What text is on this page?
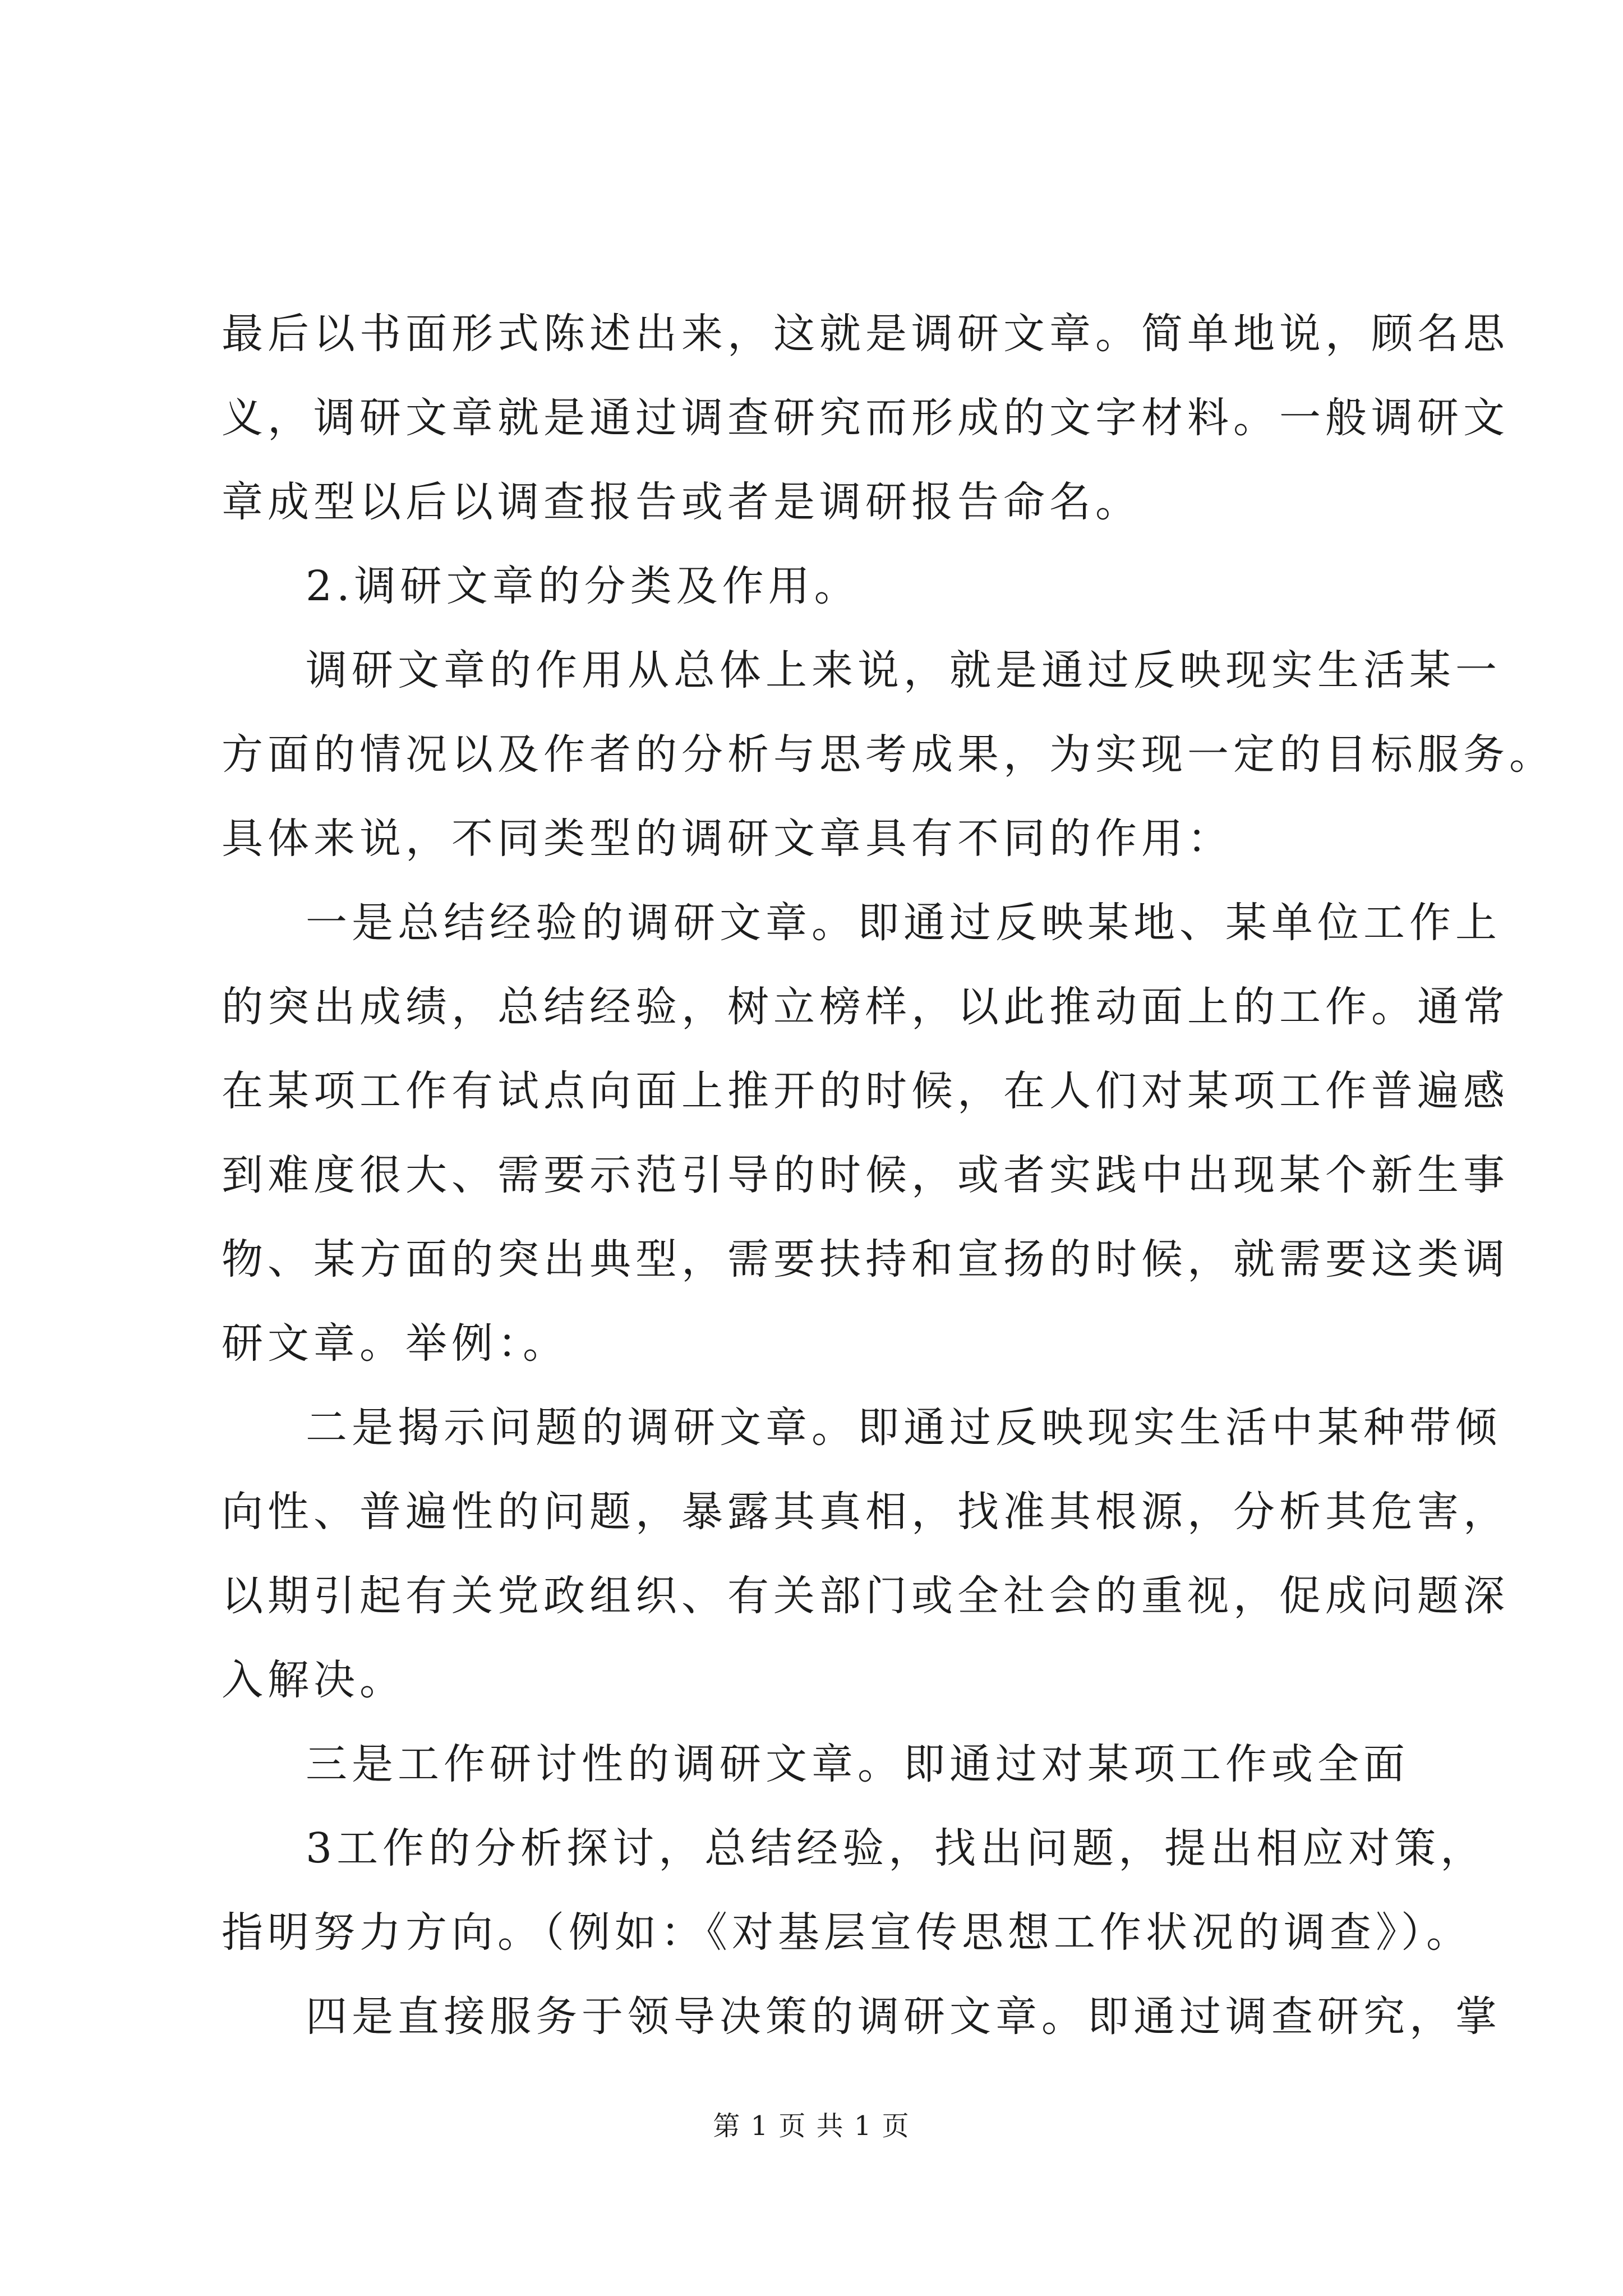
最后以书面形式陈述出来，这就是调研文章。简单地说，顾名思
义，调研文章就是通过调查研究而形成的文字材料。一般调研文
章成型以后以调查报告或者是调研报告命名。
2.调研文章的分类及作用。
调研文章的作用从总体上来说，就是通过反映现实生活某一
方面的情况以及作者的分析与思考成果，为实现一定的目标服务。
具体来说，不同类型的调研文章具有不同的作用：
一是总结经验的调研文章。即通过反映某地、某单位工作上
的突出成绩，总结经验，树立榜样，以此推动面上的工作。通常
在某项工作有试点向面上推开的时候，在人们对某项工作普遍感
到难度很大、需要示范引导的时候，或者实践中出现某个新生事
物、某方面的突出典型，需要扶持和宣扬的时候，就需要这类调
研文章。举例：。
二是揭示问题的调研文章。即通过反映现实生活中某种带倾
向性、普遍性的问题，暴露其真相，找准其根源，分析其危害，
以期引起有关党政组织、有关部门或全社会的重视，促成问题深
入解决。
三是工作研讨性的调研文章。即通过对某项工作或全面
3工作的分析探讨，总结经验，找出问题，提出相应对策，
指明努力方向。（例如：《对基层宣传思想工作状况的调查》）。
四是直接服务于领导决策的调研文章。即通过调查研究，掌
第 1 页 共 1 页
